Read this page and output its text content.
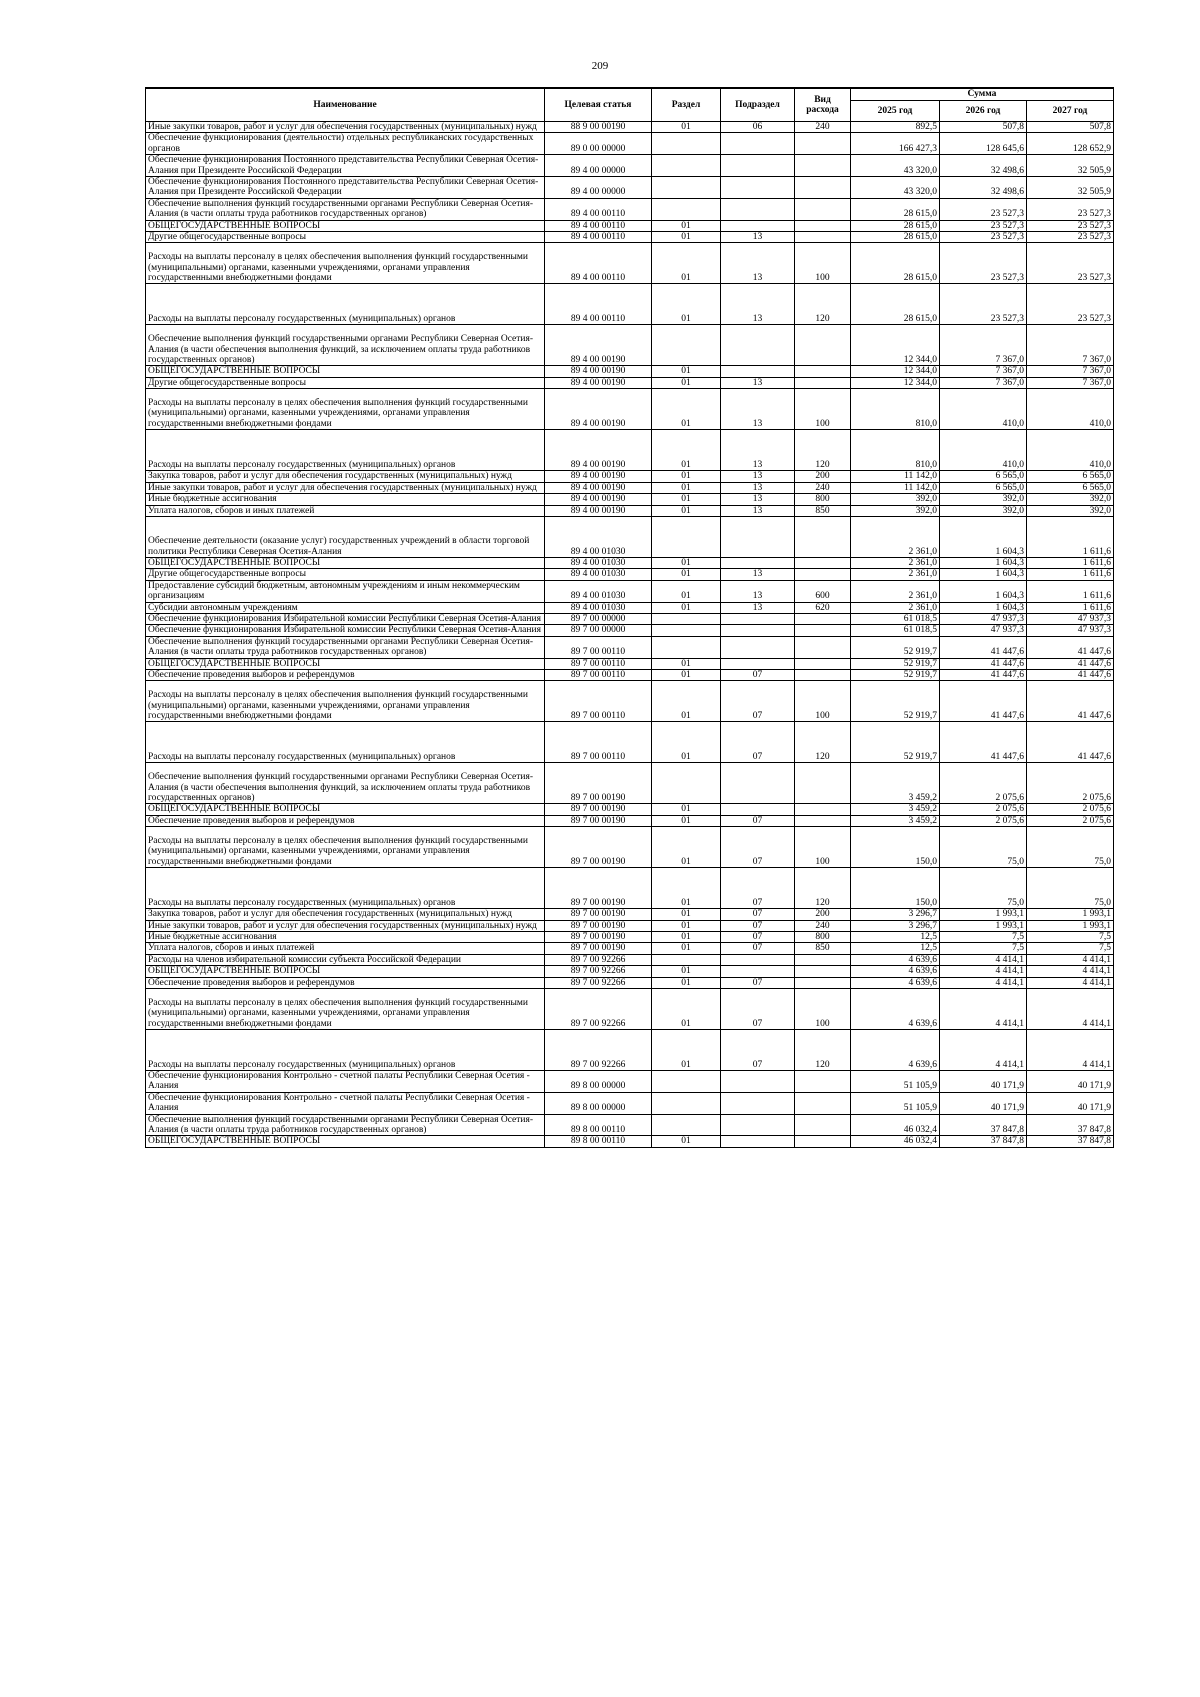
209
Наименование	Целевая статья	Раздел	Подраздел	Вид расхода	Сумма		
					2025 год	2026 год	2027 год
Иные закупки товаров, работ и услуг для обеспечения государственных (муниципальных) нужд	88 9 00 00190	01	06	240	892,5	507,8	507,8
Обеспечение функционирования (деятельности) отдельных республиканских государственных органов	89 0 00 00000				166 427,3	128 645,6	128 652,9
Обеспечение функционирования Постоянного представительства Республики Северная Осетия-Алания при Президенте Российской Федерации	89 4 00 00000				43 320,0	32 498,6	32 505,9
Обеспечение функционирования Постоянного представительства Республики Северная Осетия-Алания при Президенте Российской Федерации	89 4 00 00000				43 320,0	32 498,6	32 505,9
Обеспечение выполнения функций государственными органами Республики Северная Осетия-Алания (в части оплаты труда работников государственных органов)	89 4 00 00110				28 615,0	23 527,3	23 527,3
ОБЩЕГОСУДАРСТВЕННЫЕ ВОПРОСЫ	89 4 00 00110	01			28 615,0	23 527,3	23 527,3
Другие общегосударственные вопросы	89 4 00 00110	01	13		28 615,0	23 527,3	23 527,3
Расходы на выплаты персоналу в целях обеспечения выполнения функций государственными (муниципальными) органами, казенными учреждениями, органами управления государственными внебюджетными фондами	89 4 00 00110	01	13	100	28 615,0	23 527,3	23 527,3
Расходы на выплаты персоналу государственных (муниципальных) органов	89 4 00 00110	01	13	120	28 615,0	23 527,3	23 527,3
Обеспечение выполнения функций государственными органами Республики Северная Осетия-Алания (в части обеспечения выполнения функций, за исключением оплаты труда работников государственных органов)	89 4 00 00190				12 344,0	7 367,0	7 367,0
ОБЩЕГОСУДАРСТВЕННЫЕ ВОПРОСЫ	89 4 00 00190	01			12 344,0	7 367,0	7 367,0
Другие общегосударственные вопросы	89 4 00 00190	01	13		12 344,0	7 367,0	7 367,0
Расходы на выплаты персоналу в целях обеспечения выполнения функций государственными (муниципальными) органами, казенными учреждениями, органами управления государственными внебюджетными фондами	89 4 00 00190	01	13	100	810,0	410,0	410,0
Расходы на выплаты персоналу государственных (муниципальных) органов	89 4 00 00190	01	13	120	810,0	410,0	410,0
Закупка товаров, работ и услуг для обеспечения государственных (муниципальных) нужд	89 4 00 00190	01	13	200	11 142,0	6 565,0	6 565,0
Иные закупки товаров, работ и услуг для обеспечения государственных (муниципальных) нужд	89 4 00 00190	01	13	240	11 142,0	6 565,0	6 565,0
Иные бюджетные ассигнования	89 4 00 00190	01	13	800	392,0	392,0	392,0
Уплата налогов, сборов и иных платежей	89 4 00 00190	01	13	850	392,0	392,0	392,0
Обеспечение деятельности (оказание услуг) государственных учреждений в области торговой политики Республики Северная Осетия-Алания	89 4 00 01030				2 361,0	1 604,3	1 611,6
ОБЩЕГОСУДАРСТВЕННЫЕ ВОПРОСЫ	89 4 00 01030	01			2 361,0	1 604,3	1 611,6
Другие общегосударственные вопросы	89 4 00 01030	01	13		2 361,0	1 604,3	1 611,6
Предоставление субсидий бюджетным, автономным учреждениям и иным некоммерческим организациям	89 4 00 01030	01	13	600	2 361,0	1 604,3	1 611,6
Субсидии автономным учреждениям	89 4 00 01030	01	13	620	2 361,0	1 604,3	1 611,6
Обеспечение функционирования Избирательной комиссии Республики Северная Осетия-Алания	89 7 00 00000				61 018,5	47 937,3	47 937,3
Обеспечение функционирования Избирательной комиссии Республики Северная Осетия-Алания	89 7 00 00000				61 018,5	47 937,3	47 937,3
Обеспечение выполнения функций государственными органами Республики Северная Осетия-Алания (в части оплаты труда работников государственных органов)	89 7 00 00110				52 919,7	41 447,6	41 447,6
ОБЩЕГОСУДАРСТВЕННЫЕ ВОПРОСЫ	89 7 00 00110	01			52 919,7	41 447,6	41 447,6
Обеспечение проведения выборов и референдумов	89 7 00 00110	01	07		52 919,7	41 447,6	41 447,6
Расходы на выплаты персоналу в целях обеспечения выполнения функций государственными (муниципальными) органами, казенными учреждениями, органами управления государственными внебюджетными фондами	89 7 00 00110	01	07	100	52 919,7	41 447,6	41 447,6
Расходы на выплаты персоналу государственных (муниципальных) органов	89 7 00 00110	01	07	120	52 919,7	41 447,6	41 447,6
Обеспечение выполнения функций государственными органами Республики Северная Осетия-Алания (в части обеспечения выполнения функций, за исключением оплаты труда работников государственных органов)	89 7 00 00190				3 459,2	2 075,6	2 075,6
ОБЩЕГОСУДАРСТВЕННЫЕ ВОПРОСЫ	89 7 00 00190	01			3 459,2	2 075,6	2 075,6
Обеспечение проведения выборов и референдумов	89 7 00 00190	01	07		3 459,2	2 075,6	2 075,6
Расходы на выплаты персоналу в целях обеспечения выполнения функций государственными (муниципальными) органами, казенными учреждениями, органами управления государственными внебюджетными фондами	89 7 00 00190	01	07	100	150,0	75,0	75,0
Расходы на выплаты персоналу государственных (муниципальных) органов	89 7 00 00190	01	07	120	150,0	75,0	75,0
Закупка товаров, работ и услуг для обеспечения государственных (муниципальных) нужд	89 7 00 00190	01	07	200	3 296,7	1 993,1	1 993,1
Иные закупки товаров, работ и услуг для обеспечения государственных (муниципальных) нужд	89 7 00 00190	01	07	240	3 296,7	1 993,1	1 993,1
Иные бюджетные ассигнования	89 7 00 00190	01	07	800	12,5	7,5	7,5
Уплата налогов, сборов и иных платежей	89 7 00 00190	01	07	850	12,5	7,5	7,5
Расходы на членов избирательной комиссии субъекта Российской Федерации	89 7 00 92266				4 639,6	4 414,1	4 414,1
ОБЩЕГОСУДАРСТВЕННЫЕ ВОПРОСЫ	89 7 00 92266	01			4 639,6	4 414,1	4 414,1
Обеспечение проведения выборов и референдумов	89 7 00 92266	01	07		4 639,6	4 414,1	4 414,1
Расходы на выплаты персоналу в целях обеспечения выполнения функций государственными (муниципальными) органами, казенными учреждениями, органами управления государственными внебюджетными фондами	89 7 00 92266	01	07	100	4 639,6	4 414,1	4 414,1
Расходы на выплаты персоналу государственных (муниципальных) органов	89 7 00 92266	01	07	120	4 639,6	4 414,1	4 414,1
Обеспечение функционирования Контрольно - счетной палаты Республики Северная Осетия - Алания	89 8 00 00000				51 105,9	40 171,9	40 171,9
Обеспечение функционирования Контрольно - счетной палаты Республики Северная Осетия - Алания	89 8 00 00000				51 105,9	40 171,9	40 171,9
Обеспечение выполнения функций государственными органами Республики Северная Осетия-Алания (в части оплаты труда работников государственных органов)	89 8 00 00110				46 032,4	37 847,8	37 847,8
ОБЩЕГОСУДАРСТВЕННЫЕ ВОПРОСЫ	89 8 00 00110	01			46 032,4	37 847,8	37 847,8
